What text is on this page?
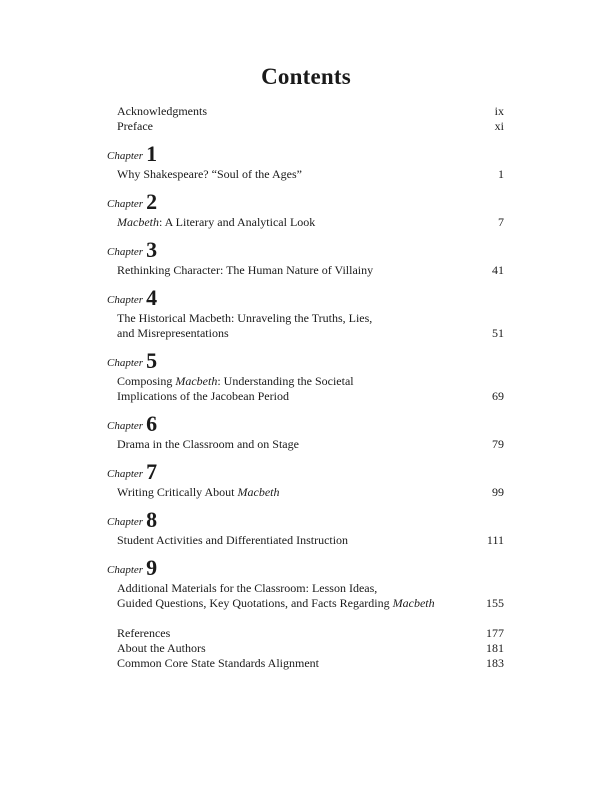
Contents
Acknowledgments	ix
Preface	xi
Chapter 1
Why Shakespeare? “Soul of the Ages”	1
Chapter 2
Macbeth: A Literary and Analytical Look	7
Chapter 3
Rethinking Character: The Human Nature of Villainy	41
Chapter 4
The Historical Macbeth: Unraveling the Truths, Lies,
and Misrepresentations	51
Chapter 5
Composing Macbeth: Understanding the Societal
Implications of the Jacobean Period	69
Chapter 6
Drama in the Classroom and on Stage	79
Chapter 7
Writing Critically About Macbeth	99
Chapter 8
Student Activities and Differentiated Instruction	111
Chapter 9
Additional Materials for the Classroom: Lesson Ideas,
Guided Questions, Key Quotations, and Facts Regarding Macbeth	155
References	177
About the Authors	181
Common Core State Standards Alignment	183
